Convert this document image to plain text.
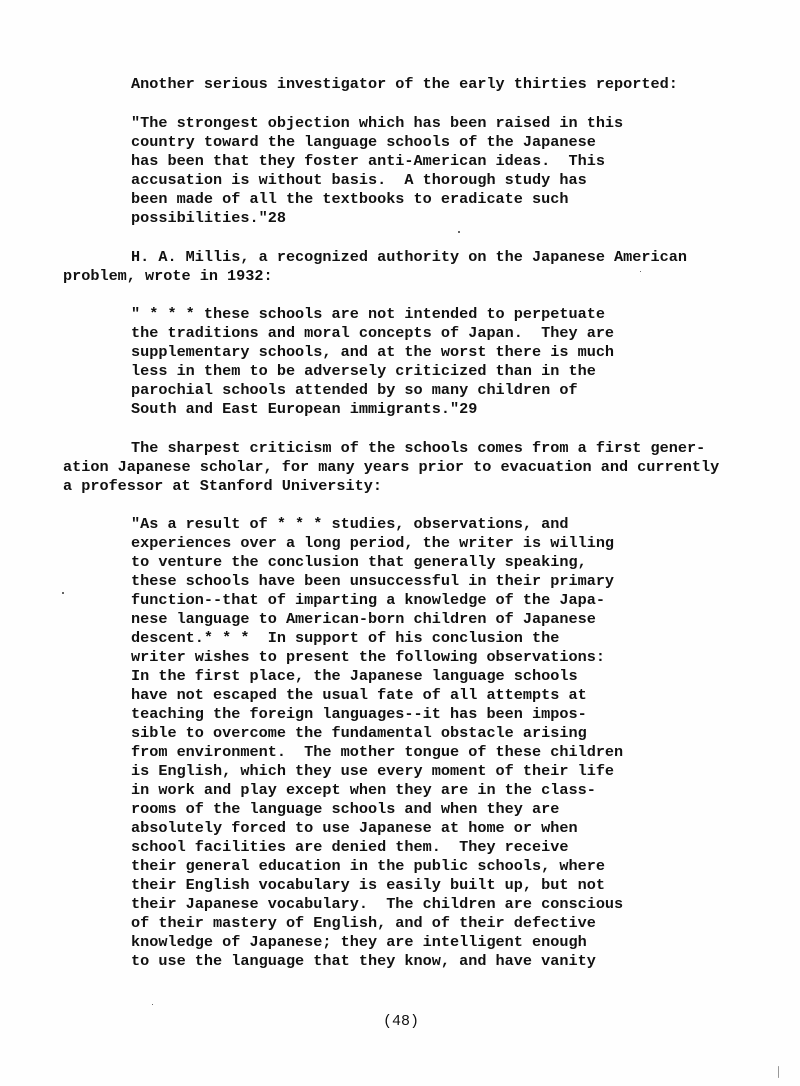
Another serious investigator of the early thirties reported:
"The strongest objection which has been raised in this
country toward the language schools of the Japanese
has been that they foster anti-American ideas.  This
accusation is without basis.  A thorough study has
been made of all the textbooks to eradicate such
possibilities."28
H. A. Millis, a recognized authority on the Japanese American
problem, wrote in 1932:
" * * * these schools are not intended to perpetuate
the traditions and moral concepts of Japan.  They are
supplementary schools, and at the worst there is much
less in them to be adversely criticized than in the
parochial schools attended by so many children of
South and East European immigrants."29
The sharpest criticism of the schools comes from a first gener-
ation Japanese scholar, for many years prior to evacuation and currently
a professor at Stanford University:
"As a result of * * * studies, observations, and
experiences over a long period, the writer is willing
to venture the conclusion that generally speaking,
these schools have been unsuccessful in their primary
function--that of imparting a knowledge of the Japa-
nese language to American-born children of Japanese
descent.* * *  In support of his conclusion the
writer wishes to present the following observations:
In the first place, the Japanese language schools
have not escaped the usual fate of all attempts at
teaching the foreign languages--it has been impos-
sible to overcome the fundamental obstacle arising
from environment.  The mother tongue of these children
is English, which they use every moment of their life
in work and play except when they are in the class-
rooms of the language schools and when they are
absolutely forced to use Japanese at home or when
school facilities are denied them.  They receive
their general education in the public schools, where
their English vocabulary is easily built up, but not
their Japanese vocabulary.  The children are conscious
of their mastery of English, and of their defective
knowledge of Japanese; they are intelligent enough
to use the language that they know, and have vanity
(48)
